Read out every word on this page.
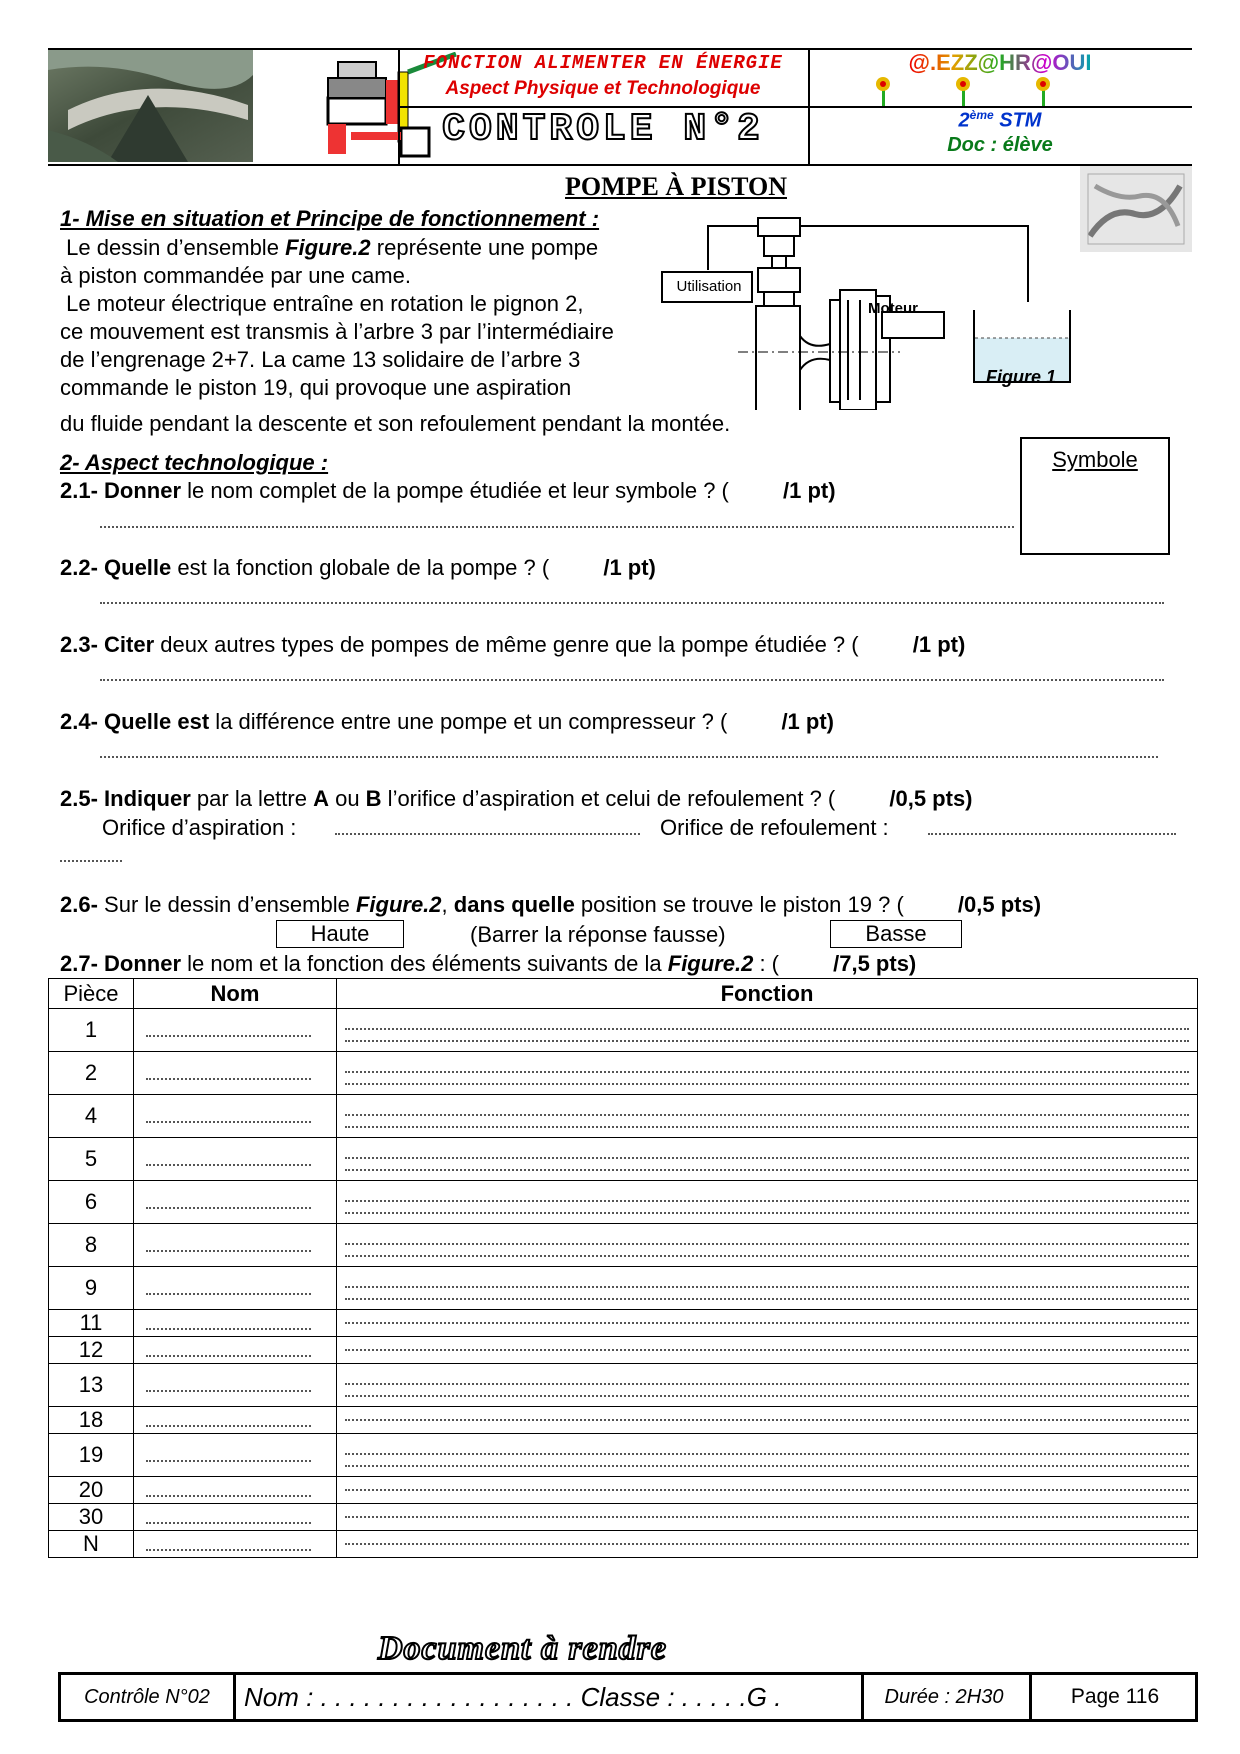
FONCTION ALIMENTER EN ÉNERGIE
Aspect Physique et Technologique
CONTROLE N°2
@.EZZ@HR@OUI
2ème STM
Doc : élève
POMPE À PISTON
1- Mise en situation et Principe de fonctionnement :
Le dessin d’ensemble Figure.2 représente une pompe
à piston commandée par une came.
Le moteur électrique entraîne en rotation le pignon 2,
ce mouvement est transmis à l’arbre 3 par l’intermédiaire
de l’engrenage 2+7. La came 13 solidaire de l’arbre 3
commande le piston 19, qui provoque une aspiration
du fluide pendant la descente et son refoulement pendant la montée.
Utilisation
Moteur
Figure 1
2- Aspect technologique :	Symbole
2.1- Donner le nom complet de la pompe étudiée et leur symbole ? ( /1 pt)
2.2- Quelle est la fonction globale de la pompe ? ( /1 pt)
2.3- Citer deux autres types de pompes de même genre que la pompe étudiée ? ( /1 pt)
2.4- Quelle est la différence entre une pompe et un compresseur ? ( /1 pt)
2.5- Indiquer par la lettre A ou B l’orifice d’aspiration et celui de refoulement ? ( /0,5 pts)
Orifice d’aspiration :	Orifice de refoulement :
2.6- Sur le dessin d’ensemble Figure.2, dans quelle position se trouve le piston 19 ? ( /0,5 pts)
Haute	(Barrer la réponse fausse)	Basse
2.7- Donner le nom et la fonction des éléments suivants de la Figure.2 : ( /7,5 pts)
Pièce	Nom	Fonction
1		

2		

4		

5		

6		

8		

9		

11		

12		

13		

18		

19		

20		

30		

N		
Document à rendre
Contrôle N°02	Nom : . . . . . . . . . . . . . . . . . . Classe : . . . . .G .	Durée : 2H30	Page 116
